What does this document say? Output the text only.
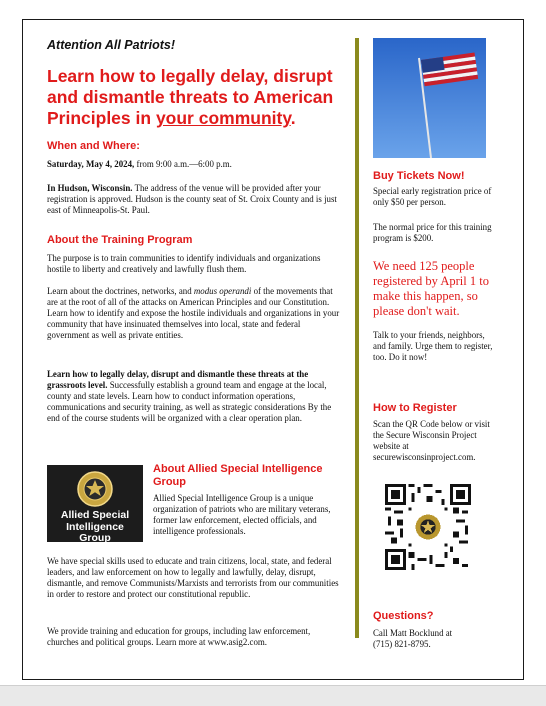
Attention All Patriots!
Learn how to legally delay, disrupt and dismantle threats to American Principles in your community.
When and Where:
Saturday, May 4, 2024, from 9:00 a.m.—6:00 p.m.
In Hudson, Wisconsin. The address of the venue will be provided after your registration is approved. Hudson is the county seat of St. Croix County and is just east of Minneapolis-St. Paul.
About the Training Program
The purpose is to train communities to identify individuals and organizations hostile to liberty and creatively and lawfully flush them.
Learn about the doctrines, networks, and modus operandi of the movements that are at the root of all of the attacks on American Principles and our Constitution. Learn how to identify and expose the hostile individuals and organizations in your community that have insinuated themselves into local, state and federal government as well as private entities.
Learn how to legally delay, disrupt and dismantle these threats at the grassroots level. Successfully establish a ground team and engage at the local, county and state levels. Learn how to conduct information operations, communications and security training, as well as strategic considerations By the end of the course students will be organized with a clear operation plan.
Allied Special Intelligence Group
About Allied Special Intelligence Group
Allied Special Intelligence Group is a unique organization of patriots who are military veterans, former law enforcement, elected officials, and intelligence professionals.
We have special skills used to educate and train citizens, local, state, and federal leaders, and law enforcement on how to legally and lawfully, delay, disrupt, dismantle, and remove Communists/Marxists and terrorists from our communities in order to restore and protect our constitutional republic.
We provide training and education for groups, including law enforcement, churches and political groups. Learn more at www.asig2.com.
Buy Tickets Now!
Special early registration price of only $50 per person.
The normal price for this training program is $200.
We need 125 people registered by April 1 to make this happen, so please don't wait.
Talk to your friends, neighbors, and family. Urge them to register, too. Do it now!
How to Register
Scan the QR Code below or visit the Secure Wisconsin Project website at securewisconsinproject.com.
Questions?
Call Matt Bocklund at (715) 821-8795.
